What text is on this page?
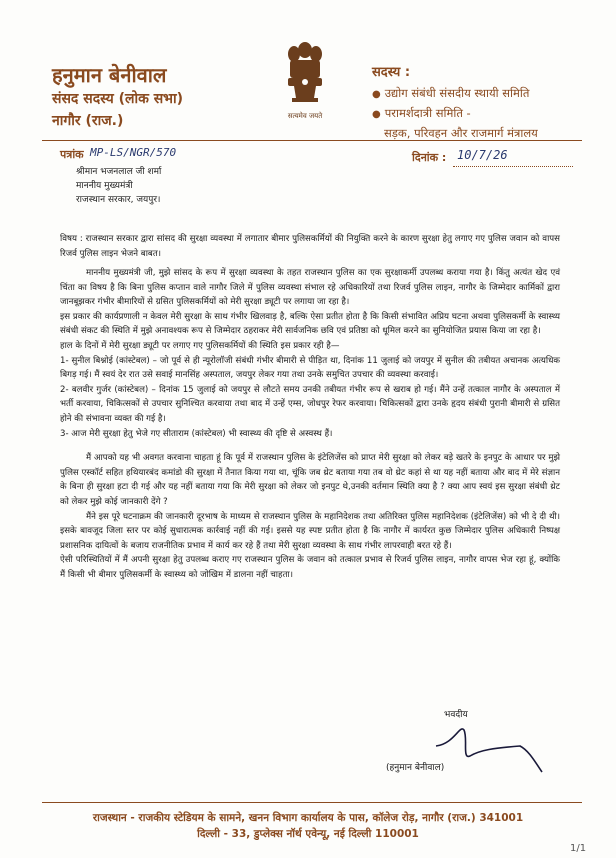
हनुमान बेनीवाल

संसद सदस्य (लोक सभा)

नागौर (राज.)	सत्यमेव जयते

सदस्य :

● उद्योग संबंधी संसदीय स्थायी समिति

● परामर्शदात्री समिति -

सड़क, परिवहन और राजमार्ग मंत्रालय

पत्रांक MP-LS/NGR/570	दिनांक : 10/7/26

श्रीमान भजनलाल जी शर्मा

माननीय मुख्यमंत्री

राजस्थान सरकार, जयपुर।

विषय : राजस्थान सरकार द्वारा सांसद की सुरक्षा व्यवस्था में लगातार बीमार पुलिसकर्मियों की नियुक्ति करने के कारण सुरक्षा हेतु लगाए गए पुलिस जवान को वापस रिजर्व पुलिस लाइन भेजने बाबत।

माननीय मुख्यमंत्री जी, मुझे सांसद के रूप में सुरक्षा व्यवस्था के तहत राजस्थान पुलिस का एक सुरक्षाकर्मी उपलब्ध कराया गया है। किंतु अत्यंत खेद एवं चिंता का विषय है कि बिना पुलिस कप्तान वाले नागौर जिले में पुलिस व्यवस्था संभाल रहे अधिकारियों तथा रिजर्व पुलिस लाइन, नागौर के जिम्मेदार कार्मिकों द्वारा जानबूझकर गंभीर बीमारियों से ग्रसित पुलिसकर्मियों को मेरी सुरक्षा ड्यूटी पर लगाया जा रहा है।

इस प्रकार की कार्यप्रणाली न केवल मेरी सुरक्षा के साथ गंभीर खिलवाड़ है, बल्कि ऐसा प्रतीत होता है कि किसी संभावित अप्रिय घटना अथवा पुलिसकर्मी के स्वास्थ्य संबंधी संकट की स्थिति में मुझे अनावश्यक रूप से जिम्मेदार ठहराकर मेरी सार्वजनिक छवि एवं प्रतिष्ठा को धूमिल करने का सुनियोजित प्रयास किया जा रहा है।

हाल के दिनों में मेरी सुरक्षा ड्यूटी पर लगाए गए पुलिसकर्मियों की स्थिति इस प्रकार रही है—

1- सुनील बिश्नोई (कांस्टेबल) – जो पूर्व से ही न्यूरोलॉजी संबंधी गंभीर बीमारी से पीड़ित था, दिनांक 11 जुलाई को जयपुर में सुनील की तबीयत अचानक अत्यधिक बिगड़ गई। मैं स्वयं देर रात उसे सवाई मानसिंह अस्पताल, जयपुर लेकर गया तथा उनके समुचित उपचार की व्यवस्था करवाई।

2- बलवीर गुर्जर (कांस्टेबल) – दिनांक 15 जुलाई को जयपुर से लौटते समय उनकी तबीयत गंभीर रूप से खराब हो गई। मैंने उन्हें तत्काल नागौर के अस्पताल में भर्ती करवाया, चिकित्सकों से उपचार सुनिश्चित करवाया तथा बाद में उन्हें एम्स, जोधपुर रेफर करवाया। चिकित्सकों द्वारा उनके हृदय संबंधी पुरानी बीमारी से ग्रसित होने की संभावना व्यक्त की गई है।

3- आज मेरी सुरक्षा हेतु भेजे गए सीताराम (कांस्टेबल) भी स्वास्थ्य की दृष्टि से अस्वस्थ हैं।

मैं आपको यह भी अवगत करवाना चाहता हूं कि पूर्व में राजस्थान पुलिस के इंटेलिजेंस को प्राप्त मेरी सुरक्षा को लेकर बड़े खतरे के इनपुट के आधार पर मुझे पुलिस एस्कॉर्ट सहित हथियारबंद कमांडो की सुरक्षा में तैनात किया गया था, चूंकि जब थ्रेट बताया गया तब वो थ्रेट कहां से था यह नहीं बताया और बाद में मेरे संज्ञान के बिना ही सुरक्षा हटा दी गई और यह नहीं बताया गया कि मेरी सुरक्षा को लेकर जो इनपुट थे,उनकी वर्तमान स्थिति क्या है ? क्या आप स्वयं इस सुरक्षा संबंधी थ्रेट को लेकर मुझे कोई जानकारी देंगे ?

मैंने इस पूरे घटनाक्रम की जानकारी दूरभाष के माध्यम से राजस्थान पुलिस के महानिदेशक तथा अतिरिक्त पुलिस महानिदेशक (इंटेलिजेंस) को भी दे दी थी। इसके बावजूद जिला स्तर पर कोई सुधारात्मक कार्रवाई नहीं की गई। इससे यह स्पष्ट प्रतीत होता है कि नागौर में कार्यरत कुछ जिम्मेदार पुलिस अधिकारी निष्पक्ष प्रशासनिक दायित्वों के बजाय राजनीतिक प्रभाव में कार्य कर रहे हैं तथा मेरी सुरक्षा व्यवस्था के साथ गंभीर लापरवाही बरत रहे हैं।

ऐसी परिस्थितियों में मैं अपनी सुरक्षा हेतु उपलब्ध कराए गए राजस्थान पुलिस के जवान को तत्काल प्रभाव से रिजर्व पुलिस लाइन, नागौर वापस भेज रहा हूं, क्योंकि मैं किसी भी बीमार पुलिसकर्मी के स्वास्थ्य को जोखिम में डालना नहीं चाहता।

भवदीय
(हनुमान बेनीवाल)

राजस्थान - राजकीय स्टेडियम के सामने, खनन विभाग कार्यालय के पास, कॉलेज रोड़, नागौर (राज.) 341001

दिल्ली - 33, डुप्लेक्स नॉर्थ एवेन्यू, नई दिल्ली 110001

1/1
